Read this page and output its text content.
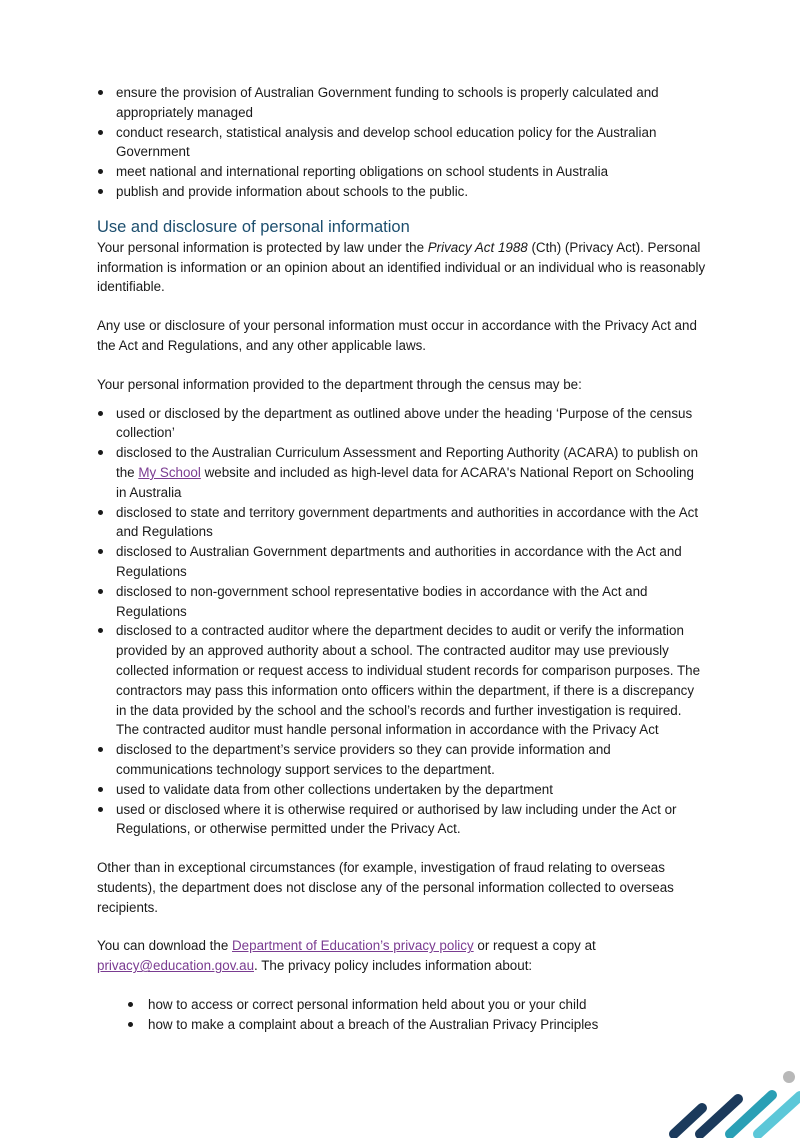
ensure the provision of Australian Government funding to schools is properly calculated and appropriately managed
conduct research, statistical analysis and develop school education policy for the Australian Government
meet national and international reporting obligations on school students in Australia
publish and provide information about schools to the public.
Use and disclosure of personal information

Your personal information is protected by law under the Privacy Act 1988 (Cth) (Privacy Act). Personal information is information or an opinion about an identified individual or an individual who is reasonably identifiable.

Any use or disclosure of your personal information must occur in accordance with the Privacy Act and the Act and Regulations, and any other applicable laws.

Your personal information provided to the department through the census may be:

used or disclosed by the department as outlined above under the heading ‘Purpose of the census collection’
disclosed to the Australian Curriculum Assessment and Reporting Authority (ACARA) to publish on the My School website and included as high-level data for ACARA's National Report on Schooling in Australia
disclosed to state and territory government departments and authorities in accordance with the Act and Regulations
disclosed to Australian Government departments and authorities in accordance with the Act and Regulations
disclosed to non-government school representative bodies in accordance with the Act and Regulations
disclosed to a contracted auditor where the department decides to audit or verify the information provided by an approved authority about a school. The contracted auditor may use previously collected information or request access to individual student records for comparison purposes. The contractors may pass this information onto officers within the department, if there is a discrepancy in the data provided by the school and the school’s records and further investigation is required. The contracted auditor must handle personal information in accordance with the Privacy Act
disclosed to the department’s service providers so they can provide information and communications technology support services to the department.
used to validate data from other collections undertaken by the department
used or disclosed where it is otherwise required or authorised by law including under the Act or Regulations, or otherwise permitted under the Privacy Act.

Other than in exceptional circumstances (for example, investigation of fraud relating to overseas students), the department does not disclose any of the personal information collected to overseas recipients.

You can download the Department of Education’s privacy policy or request a copy at privacy@education.gov.au. The privacy policy includes information about:

how to access or correct personal information held about you or your child
how to make a complaint about a breach of the Australian Privacy Principles
